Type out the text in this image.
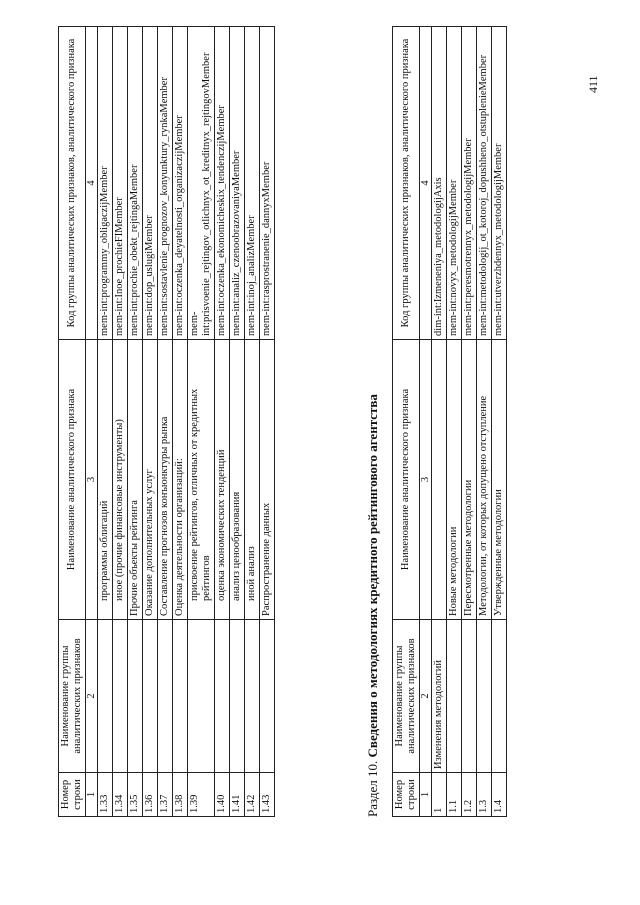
411
Номер строки	Наименование группы аналитических признаков	Наименование аналитического признака	Код группы аналитических признаков, аналитического признака
1	2	3	4
1.33		программы облигаций	mem-int:programmy_obligaczijMember
1.34		иное (прочие финансовые инструменты)	mem-int:Inoe_prochieFIMember
1.35		Прочие объекты рейтинга	mem-int:prochie_obekt_rejtingaMember
1.36		Оказание дополнительных услуг	mem-int:dop_uslugiMember
1.37		Составление прогнозов конъюнктуры рынка	mem-int:sostavlenie_prognozov_konyunktury_rynkaMember
1.38		Оценка деятельности организаций:	mem-int:oczenka_deyatelnosti_organizaczijMember
1.39		присвоение рейтингов, отличных от кредитных рейтингов	mem-int:prisvoenie_rejtingov_otlichnyx_ot_kreditnyx_rejtingovMember
1.40		оценка экономических тенденций	mem-int:oczenka_ekonomicheskix_tendenczijMember
1.41		анализ ценообразования	mem-int:analiz_czenoobrazovaniyaMember
1.42		иной анализ	mem-int:inoj_analizMember
1.43		Распространение данных	mem-int:rasprostranenie_dannyxMember
Раздел 10. Сведения о методологиях кредитного рейтингового агентства
Номер строки	Наименование группы аналитических признаков	Наименование аналитического признака	Код группы аналитических признаков, аналитического признака
1	2	3	4
1	Изменения методологий		dim-int:Izmeneniya_metodologijAxis
1.1		Новые методологии	mem-int:novyx_metodologijMember
1.2		Пересмотренные методологии	mem-int:peresmotrennyx_metodologijMember
1.3		Методологии, от которых допущено отступление	mem-int:metodologij_ot_kotoroj_dopushheno_otstuplenieMember
1.4		Утвержденные методологии	mem-int:utverzhdennyx_metodologijMember
